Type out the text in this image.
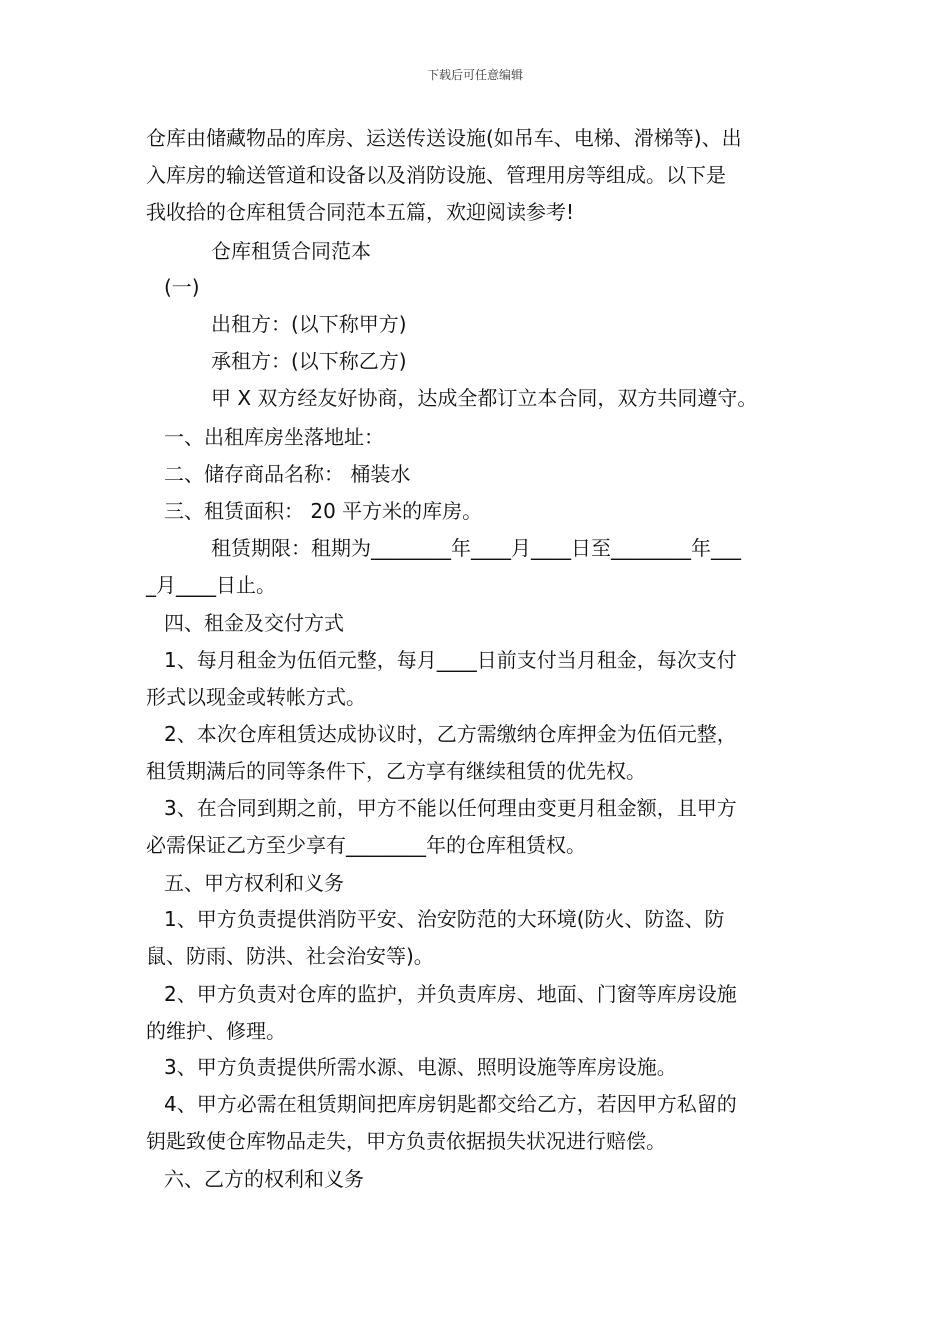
下载后可任意编辑
仓库由储藏物品的库房、运送传送设施(如吊车、电梯、滑梯等)、出
入库房的输送管道和设备以及消防设施、管理用房等组成。以下是
我收拾的仓库租赁合同范本五篇，欢迎阅读参考!
仓库租赁合同范本
(一)
出租方：(以下称甲方)
承租方：(以下称乙方)
甲 X 双方经友好协商，达成全都订立本合同，双方共同遵守。
一、出租库房坐落地址：
二、储存商品名称： 桶装水
三、租赁面积： 20 平方米的库房。
租赁期限：租期为________年____月____日至________年___
_月____日止。
四、租金及交付方式
1、每月租金为伍佰元整，每月____日前支付当月租金，每次支付
形式以现金或转帐方式。
2、本次仓库租赁达成协议时，乙方需缴纳仓库押金为伍佰元整，
租赁期满后的同等条件下，乙方享有继续租赁的优先权。
3、在合同到期之前，甲方不能以任何理由变更月租金额，且甲方
必需保证乙方至少享有________年的仓库租赁权。
五、甲方权利和义务
1、甲方负责提供消防平安、治安防范的大环境(防火、防盗、防
鼠、防雨、防洪、社会治安等)。
2、甲方负责对仓库的监护，并负责库房、地面、门窗等库房设施
的维护、修理。
3、甲方负责提供所需水源、电源、照明设施等库房设施。
4、甲方必需在租赁期间把库房钥匙都交给乙方，若因甲方私留的
钥匙致使仓库物品走失，甲方负责依据损失状况进行赔偿。
六、乙方的权利和义务
